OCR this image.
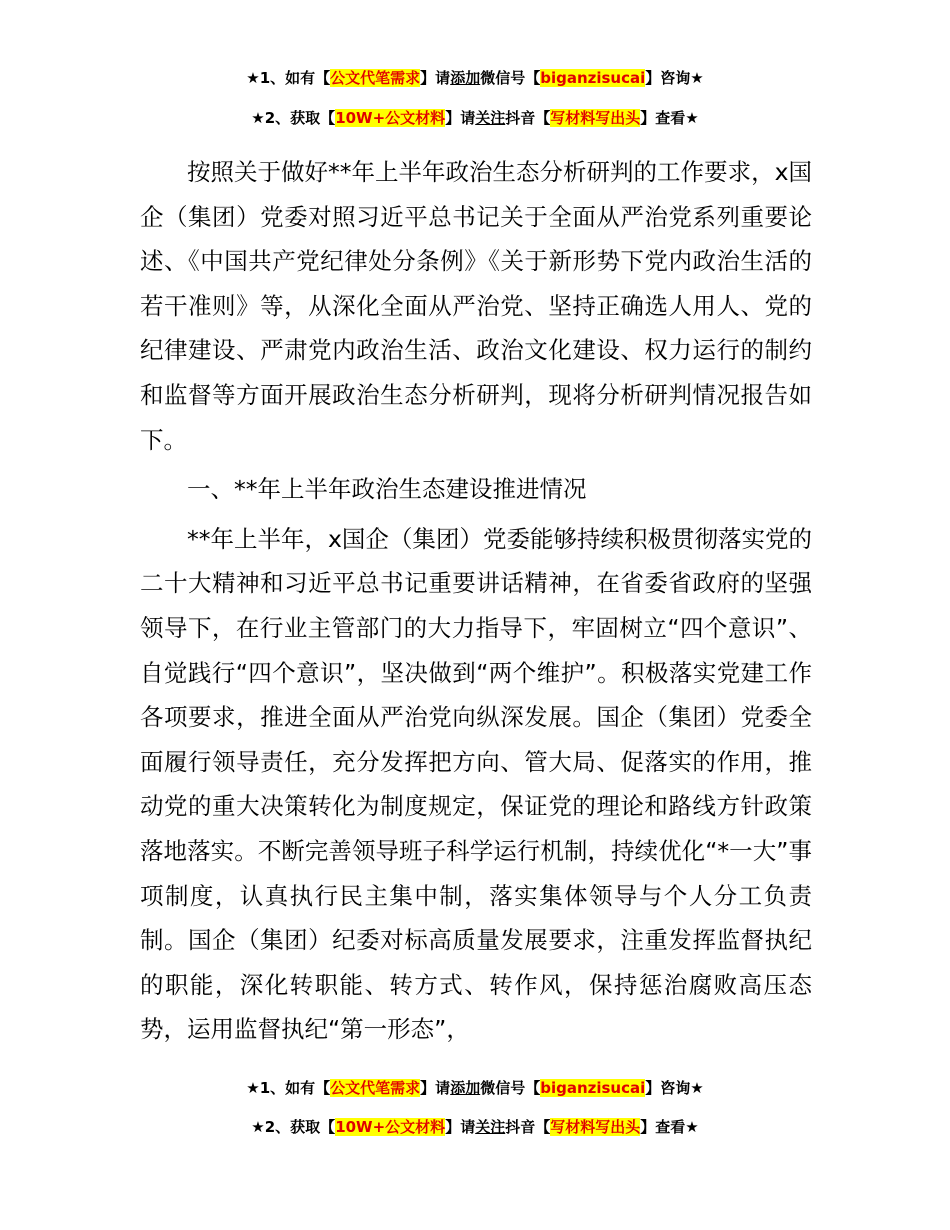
★1、如有【公文代笔需求】请添加微信号【biganzisucai】咨询★
★2、获取【10W+公文材料】请关注抖音【写材料写出头】查看★

按照关于做好**年上半年政治生态分析研判的工作要求，x国企（集团）党委对照习近平总书记关于全面从严治党系列重要论述、《中国共产党纪律处分条例》《关于新形势下党内政治生活的若干准则》等，从深化全面从严治党、坚持正确选人用人、党的纪律建设、严肃党内政治生活、政治文化建设、权力运行的制约和监督等方面开展政治生态分析研判，现将分析研判情况报告如下。

一、**年上半年政治生态建设推进情况

**年上半年，x国企（集团）党委能够持续积极贯彻落实党的二十大精神和习近平总书记重要讲话精神，在省委省政府的坚强领导下，在行业主管部门的大力指导下，牢固树立“四个意识”、自觉践行“四个意识”，坚决做到“两个维护”。积极落实党建工作各项要求，推进全面从严治党向纵深发展。国企（集团）党委全面履行领导责任，充分发挥把方向、管大局、促落实的作用，推动党的重大决策转化为制度规定，保证党的理论和路线方针政策落地落实。不断完善领导班子科学运行机制，持续优化“*一大”事项制度，认真执行民主集中制，落实集体领导与个人分工负责制。国企（集团）纪委对标高质量发展要求，注重发挥监督执纪的职能，深化转职能、转方式、转作风，保持惩治腐败高压态势，运用监督执纪“第一形态”，

★1、如有【公文代笔需求】请添加微信号【biganzisucai】咨询★
★2、获取【10W+公文材料】请关注抖音【写材料写出头】查看★
